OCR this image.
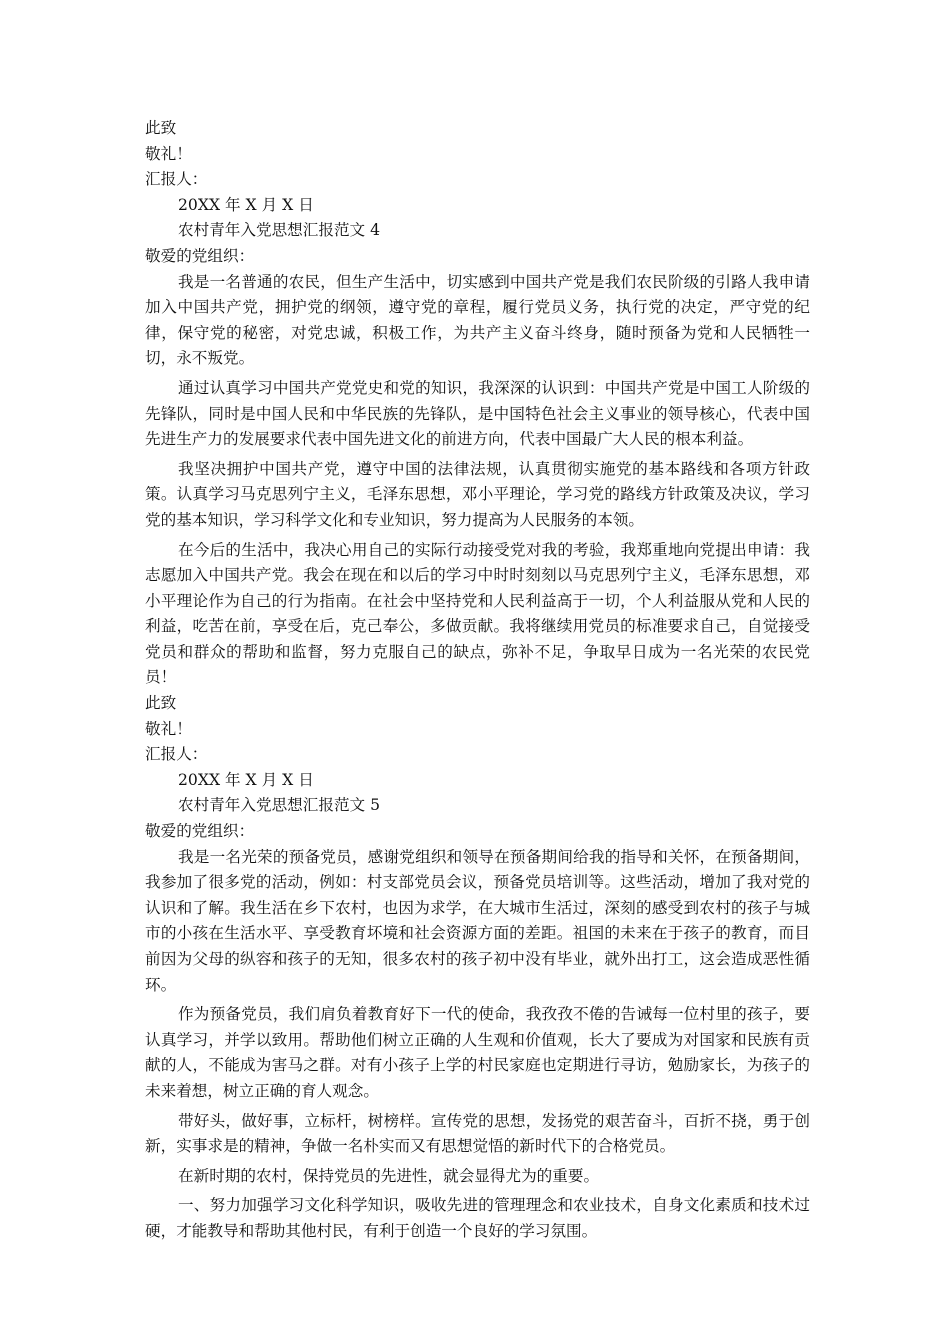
此致
敬礼！
汇报人：
20XX 年 X 月 X 日
农村青年入党思想汇报范文 4
敬爱的党组织：

我是一名普通的农民，但生产生活中，切实感到中国共产党是我们农民阶级的引路人我申请加入中国共产党，拥护党的纲领，遵守党的章程，履行党员义务，执行党的决定，严守党的纪律，保守党的秘密，对党忠诚，积极工作，为共产主义奋斗终身，随时预备为党和人民牺牲一切，永不叛党。

通过认真学习中国共产党党史和党的知识，我深深的认识到：中国共产党是中国工人阶级的先锋队，同时是中国人民和中华民族的先锋队，是中国特色社会主义事业的领导核心，代表中国先进生产力的发展要求代表中国先进文化的前进方向，代表中国最广大人民的根本利益。

我坚决拥护中国共产党，遵守中国的法律法规，认真贯彻实施党的基本路线和各项方针政策。认真学习马克思列宁主义，毛泽东思想，邓小平理论，学习党的路线方针政策及决议，学习党的基本知识，学习科学文化和专业知识，努力提高为人民服务的本领。

在今后的生活中，我决心用自己的实际行动接受党对我的考验，我郑重地向党提出申请：我志愿加入中国共产党。我会在现在和以后的学习中时时刻刻以马克思列宁主义，毛泽东思想，邓小平理论作为自己的行为指南。在社会中坚持党和人民利益高于一切，个人利益服从党和人民的利益，吃苦在前，享受在后，克己奉公，多做贡献。我将继续用党员的标准要求自己，自觉接受党员和群众的帮助和监督，努力克服自己的缺点，弥补不足，争取早日成为一名光荣的农民党员！

此致
敬礼！
汇报人：
20XX 年 X 月 X 日
农村青年入党思想汇报范文 5
敬爱的党组织：

我是一名光荣的预备党员，感谢党组织和领导在预备期间给我的指导和关怀，在预备期间，我参加了很多党的活动，例如：村支部党员会议，预备党员培训等。这些活动，增加了我对党的认识和了解。我生活在乡下农村，也因为求学，在大城市生活过，深刻的感受到农村的孩子与城市的小孩在生活水平、享受教育坏境和社会资源方面的差距。祖国的未来在于孩子的教育，而目前因为父母的纵容和孩子的无知，很多农村的孩子初中没有毕业，就外出打工，这会造成恶性循环。

作为预备党员，我们肩负着教育好下一代的使命，我孜孜不倦的告诫每一位村里的孩子，要认真学习，并学以致用。帮助他们树立正确的人生观和价值观，长大了要成为对国家和民族有贡献的人，不能成为害马之群。对有小孩子上学的村民家庭也定期进行寻访，勉励家长，为孩子的未来着想，树立正确的育人观念。

带好头，做好事，立标杆，树榜样。宣传党的思想，发扬党的艰苦奋斗，百折不挠，勇于创新，实事求是的精神，争做一名朴实而又有思想觉悟的新时代下的合格党员。

在新时期的农村，保持党员的先进性，就会显得尤为的重要。

一、努力加强学习文化科学知识，吸收先进的管理理念和农业技术，自身文化素质和技术过硬，才能教导和帮助其他村民，有利于创造一个良好的学习氛围。
